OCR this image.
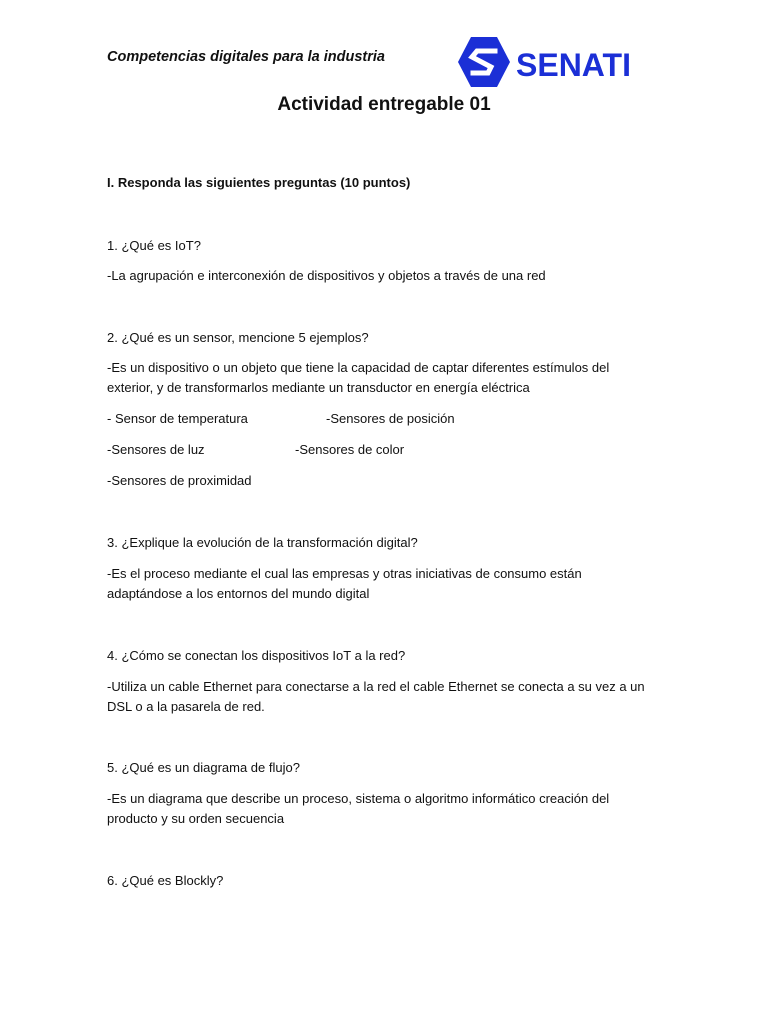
Competencias digitales para la industria	SENATI
Actividad entregable 01
I. Responda las siguientes preguntas (10 puntos)
1. ¿Qué es IoT?
-La agrupación e interconexión de dispositivos y objetos a través de una red
2. ¿Qué es un sensor, mencione 5 ejemplos?
-Es un dispositivo o un objeto que tiene la capacidad de captar diferentes estímulos del exterior, y de transformarlos mediante un transductor en energía eléctrica
- Sensor de temperatura	-Sensores de posición
-Sensores de luz	-Sensores de color
-Sensores de proximidad
3. ¿Explique la evolución de la transformación digital?
-Es el proceso mediante el cual las empresas y otras iniciativas de consumo están adaptándose a los entornos del mundo digital
4. ¿Cómo se conectan los dispositivos IoT a la red?
-Utiliza un cable Ethernet para conectarse a la red el cable Ethernet se conecta a su vez a un DSL o a la pasarela de red.
5. ¿Qué es un diagrama de flujo?
-Es un diagrama que describe un proceso, sistema o algoritmo informático creación del producto y su orden secuencia
6. ¿Qué es Blockly?
